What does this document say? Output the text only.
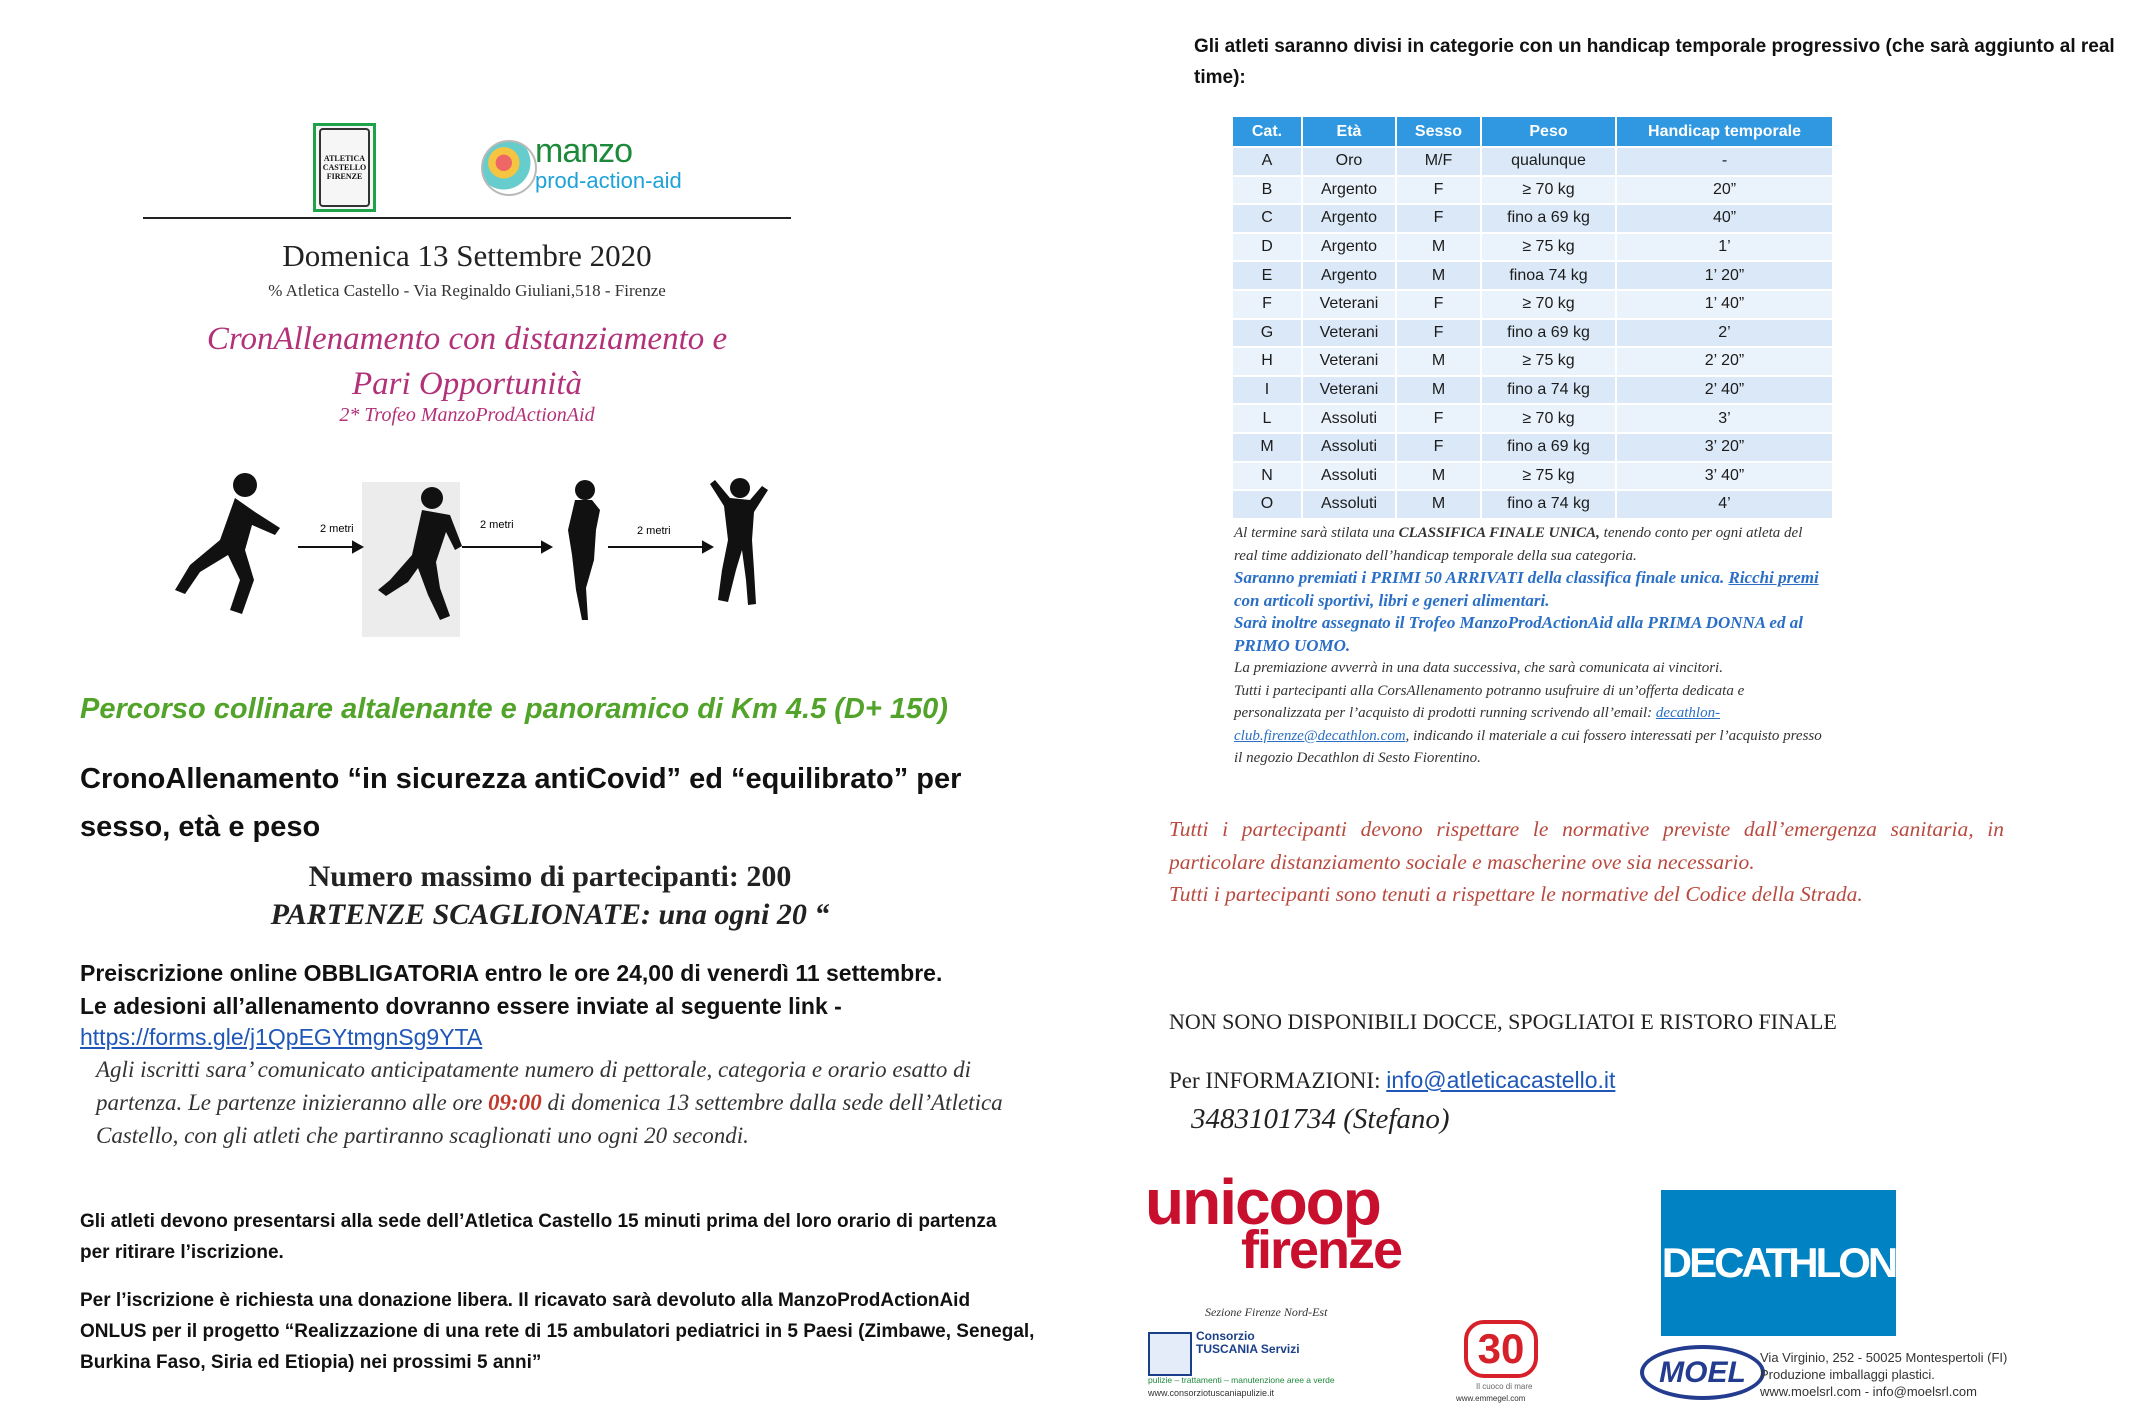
ATLETICA CASTELLO FIRENZE
manzo
prod-action-aid
Domenica 13 Settembre 2020
% Atletica Castello - Via Reginaldo Giuliani,518 - Firenze
CronAllenamento con distanziamento e
Pari Opportunità
2* Trofeo ManzoProdActionAid
2 metri	2 metri	2 metri
Percorso collinare altalenante e panoramico di Km 4.5 (D+ 150)
CronoAllenamento “in sicurezza antiCovid” ed “equilibrato” per
sesso, età e peso
Numero massimo di partecipanti: 200
PARTENZE SCAGLIONATE: una ogni 20 “
Preiscrizione online OBBLIGATORIA entro le ore 24,00 di venerdì 11 settembre.
Le adesioni all’allenamento dovranno essere inviate al seguente link -
https://forms.gle/j1QpEGYtmgnSg9YTA
Agli iscritti sara’ comunicato anticipatamente numero di pettorale, categoria e orario esatto di partenza. Le partenze inizieranno alle ore 09:00 di domenica 13 settembre dalla sede dell’Atletica Castello, con gli atleti che partiranno scaglionati uno ogni 20 secondi.
Gli atleti devono presentarsi alla sede dell’Atletica Castello 15 minuti prima del loro orario di partenza per ritirare l’iscrizione.
Per l’iscrizione è richiesta una donazione libera. Il ricavato sarà devoluto alla ManzoProdActionAid ONLUS per il progetto “Realizzazione di una rete di 15 ambulatori pediatrici in 5 Paesi (Zimbawe, Senegal, Burkina Faso, Siria ed Etiopia) nei prossimi 5 anni”
Gli atleti saranno divisi in categorie con un handicap temporale progressivo (che sarà aggiunto al real time):
Cat.	Età	Sesso	Peso	Handicap temporale
A	Oro	M/F	qualunque	-
B	Argento	F	≥ 70 kg	20”
C	Argento	F	fino a 69 kg	40”
D	Argento	M	≥ 75 kg	1’
E	Argento	M	finoa 74 kg	1’ 20”
F	Veterani	F	≥ 70 kg	1’ 40”
G	Veterani	F	fino a 69 kg	2’
H	Veterani	M	≥ 75 kg	2’ 20”
I	Veterani	M	fino a 74 kg	2’ 40”
L	Assoluti	F	≥ 70 kg	3’
M	Assoluti	F	fino a 69 kg	3’ 20”
N	Assoluti	M	≥ 75 kg	3’ 40”
O	Assoluti	M	fino a 74 kg	4’
Al termine sarà stilata una CLASSIFICA FINALE UNICA, tenendo conto per ogni atleta del real time addizionato dell’handicap temporale della sua categoria.
Saranno premiati i PRIMI 50 ARRIVATI della classifica finale unica. Ricchi premi con articoli sportivi, libri e generi alimentari.
Sarà inoltre assegnato il Trofeo ManzoProdActionAid alla PRIMA DONNA ed al PRIMO UOMO.
La premiazione avverrà in una data successiva, che sarà comunicata ai vincitori.
Tutti i partecipanti alla CorsAllenamento potranno usufruire di un’offerta dedicata e personalizzata per l’acquisto di prodotti running scrivendo all’email: decathlon-club.firenze@decathlon.com, indicando il materiale a cui fossero interessati per l’acquisto presso il negozio Decathlon di Sesto Fiorentino.
Tutti i partecipanti devono rispettare le normative previste dall’emergenza sanitaria, in particolare distanziamento sociale e mascherine ove sia necessario.
Tutti i partecipanti sono tenuti a rispettare le normative del Codice della Strada.
NON SONO DISPONIBILI DOCCE, SPOGLIATOI E RISTORO FINALE
Per INFORMAZIONI: info@atleticacastello.it
3483101734 (Stefano)
unicoop
firenze
Sezione Firenze Nord-Est
DECATHLON
Consorzio TUSCANIA Servizi
pulizie – trattamenti – manutenzione aree a verde
www.consorziotuscaniapulizie.it
30
Il cuoco di mare
www.emmegel.com
MOEL	Via Virginio, 252 - 50025 Montespertoli (FI)
Produzione imballaggi plastici.
www.moelsrl.com - info@moelsrl.com
